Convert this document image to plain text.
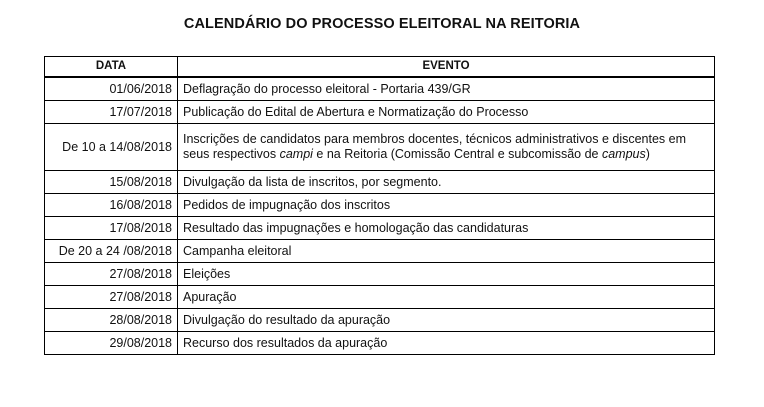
CALENDÁRIO DO PROCESSO ELEITORAL NA REITORIA
DATA	EVENTO
01/06/2018	Deflagração do processo eleitoral - Portaria 439/GR
17/07/2018	Publicação do Edital de Abertura e Normatização do Processo
De 10 a 14/08/2018	Inscrições de candidatos para membros docentes, técnicos administrativos e discentes em seus respectivos campi e na Reitoria (Comissão Central e subcomissão de campus)
15/08/2018	Divulgação da lista de inscritos, por segmento.
16/08/2018	Pedidos de impugnação dos inscritos
17/08/2018	Resultado das impugnações e homologação das candidaturas
De 20 a 24 /08/2018	Campanha eleitoral
27/08/2018	Eleições
27/08/2018	Apuração
28/08/2018	Divulgação do resultado da apuração
29/08/2018	Recurso dos resultados da apuração
